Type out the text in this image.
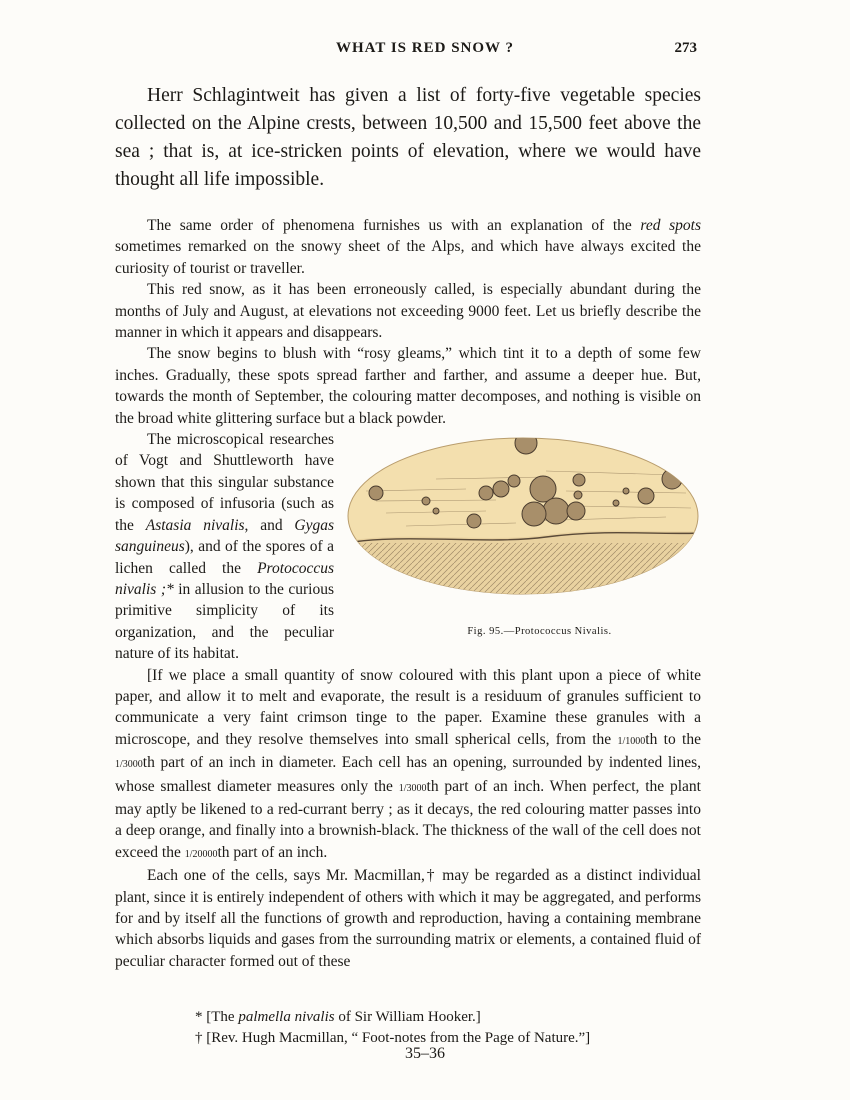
WHAT IS RED SNOW ?	273

Herr Schlagintweit has given a list of forty-five vegetable species collected on the Alpine crests, between 10,500 and 15,500 feet above the sea ; that is, at ice-stricken points of elevation, where we would have thought all life impossible.

The same order of phenomena furnishes us with an explanation of the red spots sometimes remarked on the snowy sheet of the Alps, and which have always excited the curiosity of tourist or traveller.

This red snow, as it has been erroneously called, is especially abundant during the months of July and August, at elevations not exceeding 9000 feet. Let us briefly describe the manner in which it appears and disappears.

The snow begins to blush with “rosy gleams,” which tint it to a depth of some few inches. Gradually, these spots spread farther and farther, and assume a deeper hue. But, towards the month of September, the colouring matter decomposes, and nothing is visible on the broad white glittering surface but a black powder.

Fig. 95.—Protococcus Nivalis.
The microscopical researches of Vogt and Shuttleworth have shown that this singular substance is composed of infusoria (such as the Astasia nivalis, and Gygas sanguineus), and of the spores of a lichen called the Protococcus nivalis ;* in allusion to the curious primitive simplicity of its organization, and the peculiar nature of its habitat.

[If we place a small quantity of snow coloured with this plant upon a piece of white paper, and allow it to melt and evaporate, the result is a residuum of granules sufficient to communicate a very faint crimson tinge to the paper. Examine these granules with a microscope, and they resolve themselves into small spherical cells, from the 1/1000th to the 1/3000th part of an inch in diameter. Each cell has an opening, surrounded by indented lines, whose smallest diameter measures only the 1/3000th part of an inch. When perfect, the plant may aptly be likened to a red-currant berry ; as it decays, the red colouring matter passes into a deep orange, and finally into a brownish-black. The thickness of the wall of the cell does not exceed the 1/20000th part of an inch.

Each one of the cells, says Mr. Macmillan,† may be regarded as a distinct individual plant, since it is entirely independent of others with which it may be aggregated, and performs for and by itself all the functions of growth and reproduction, having a containing membrane which absorbs liquids and gases from the surrounding matrix or elements, a contained fluid of peculiar character formed out of these

* [The palmella nivalis of Sir William Hooker.]

† [Rev. Hugh Macmillan, “ Foot-notes from the Page of Nature.”]

35–36
